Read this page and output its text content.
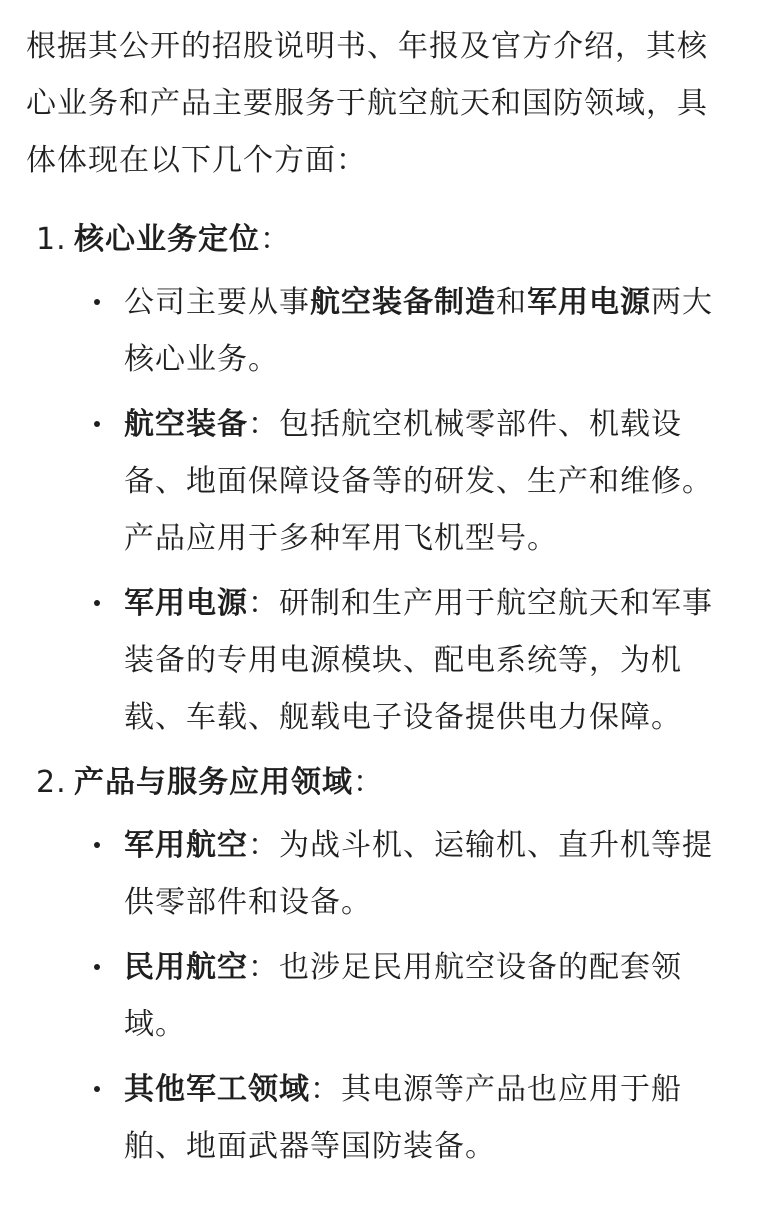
根据其公开的招股说明书、年报及官方介绍，其核心业务和产品主要服务于航空航天和国防领域，具体体现在以下几个方面：

1. 核心业务定位：
公司主要从事航空装备制造和军用电源两大核心业务。
航空装备：包括航空机械零部件、机载设备、地面保障设备等的研发、生产和维修。产品应用于多种军用飞机型号。
军用电源：研制和生产用于航空航天和军事装备的专用电源模块、配电系统等，为机载、车载、舰载电子设备提供电力保障。
2. 产品与服务应用领域：
军用航空：为战斗机、运输机、直升机等提供零部件和设备。
民用航空：也涉足民用航空设备的配套领域。
其他军工领域：其电源等产品也应用于船舶、地面武器等国防装备。
